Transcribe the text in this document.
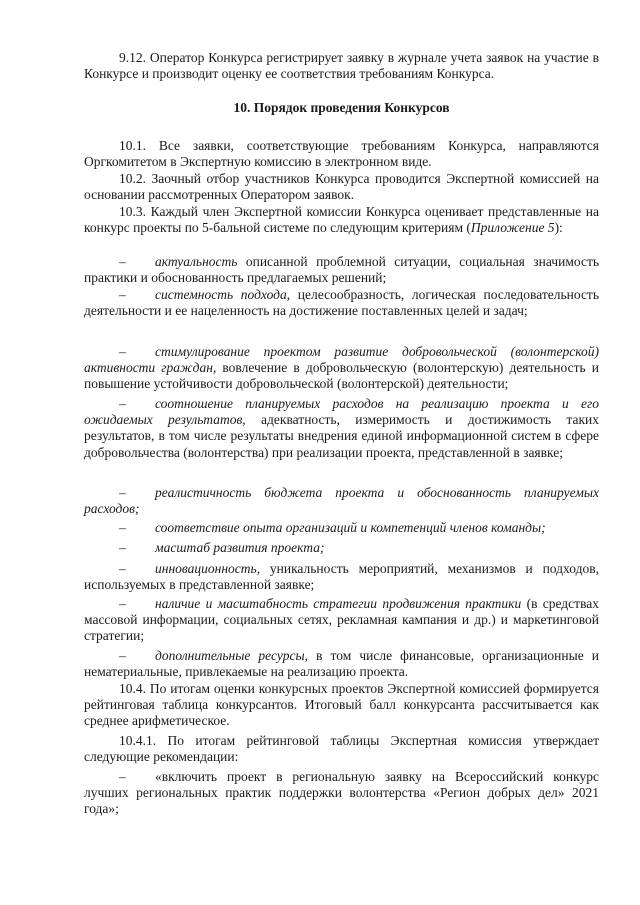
9.12. Оператор Конкурса регистрирует заявку в журнале учета заявок на участие в Конкурсе и производит оценку ее соответствия требованиям Конкурса.

10. Порядок проведения Конкурсов

10.1. Все заявки, соответствующие требованиям Конкурса, направляются Оргкомитетом в Экспертную комиссию в электронном виде.

10.2. Заочный отбор участников Конкурса проводится Экспертной комиссией на основании рассмотренных Оператором заявок.

10.3. Каждый член Экспертной комиссии Конкурса оценивает представленные на конкурс проекты по 5-бальной системе по следующим критериям (Приложение 5):

– актуальность описанной проблемной ситуации, социальная значимость практики и обоснованность предлагаемых решений;

– системность подхода, целесообразность, логическая последовательность деятельности и ее нацеленность на достижение поставленных целей и задач;

– стимулирование проектом развитие добровольческой (волонтерской) активности граждан, вовлечение в добровольческую (волонтерскую) деятельность и повышение устойчивости добровольческой (волонтерской) деятельности;

– соотношение планируемых расходов на реализацию проекта и его ожидаемых результатов, адекватность, измеримость и достижимость таких результатов, в том числе результаты внедрения единой информационной систем в сфере добровольчества (волонтерства) при реализации проекта, представленной в заявке;

– реалистичность бюджета проекта и обоснованность планируемых расходов;

– соответствие опыта организаций и компетенций членов команды;

– масштаб развития проекта;

– инновационность, уникальность мероприятий, механизмов и подходов, используемых в представленной заявке;

– наличие и масштабность стратегии продвижения практики (в средствах массовой информации, социальных сетях, рекламная кампания и др.) и маркетинговой стратегии;

– дополнительные ресурсы, в том числе финансовые, организационные и нематериальные, привлекаемые на реализацию проекта.

10.4. По итогам оценки конкурсных проектов Экспертной комиссией формируется рейтинговая таблица конкурсантов. Итоговый балл конкурсанта рассчитывается как среднее арифметическое.

10.4.1. По итогам рейтинговой таблицы Экспертная комиссия утверждает следующие рекомендации:

– «включить проект в региональную заявку на Всероссийский конкурс лучших региональных практик поддержки волонтерства «Регион добрых дел» 2021 года»;
